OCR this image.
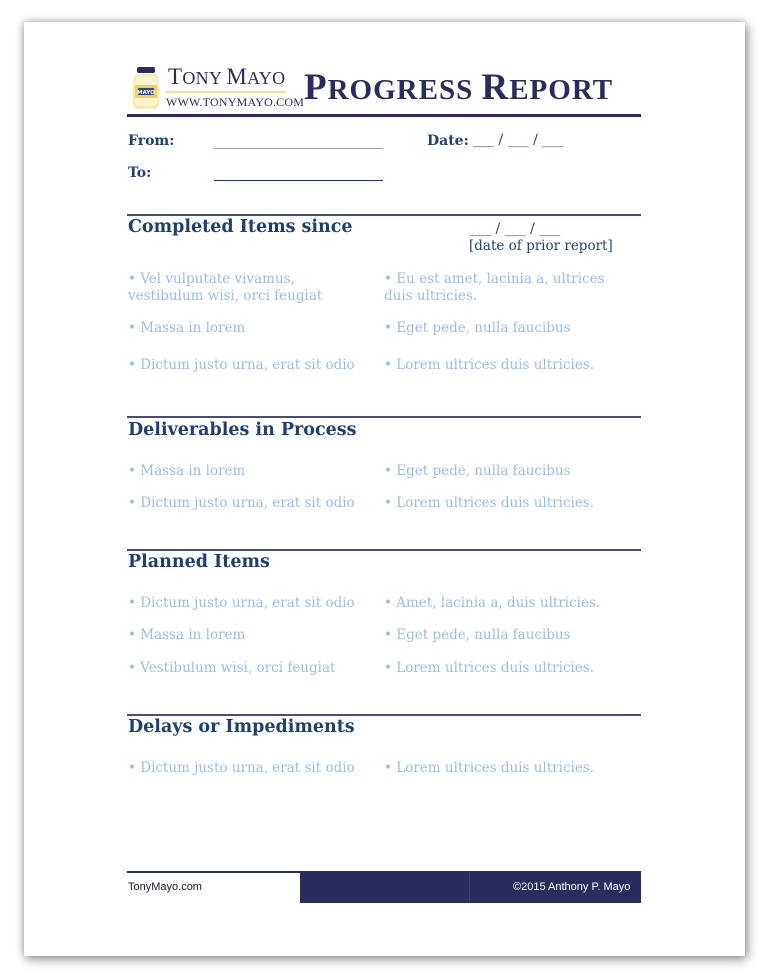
MAYO
TONY MAYO
WWW.TONYMAYO.COM PROGRESS REPORT
From:	Date: ___ / ___ / ___
To:
Completed Items since	___ / ___ / ___
[date of prior report]
• Vel vulputate vivamus, vestibulum wisi, orci feugiat
• Massa in lorem
• Dictum justo urna, erat sit odio
• Eu est amet, lacinia a, ultrices duis ultricies.
• Eget pede, nulla faucibus
• Lorem ultrices duis ultricies.
Deliverables in Process
• Massa in lorem
• Dictum justo urna, erat sit odio
• Eget pede, nulla faucibus
• Lorem ultrices duis ultricies.
Planned Items
• Dictum justo urna, erat sit odio
• Massa in lorem
• Vestibulum wisi, orci feugiat
• Amet, lacinia a, duis ultricies.
• Eget pede, nulla faucibus
• Lorem ultrices duis ultricies.
Delays or Impediments
• Dictum justo urna, erat sit odio	• Lorem ultrices duis ultricies.
TonyMayo.com	©2015 Anthony P. Mayo
